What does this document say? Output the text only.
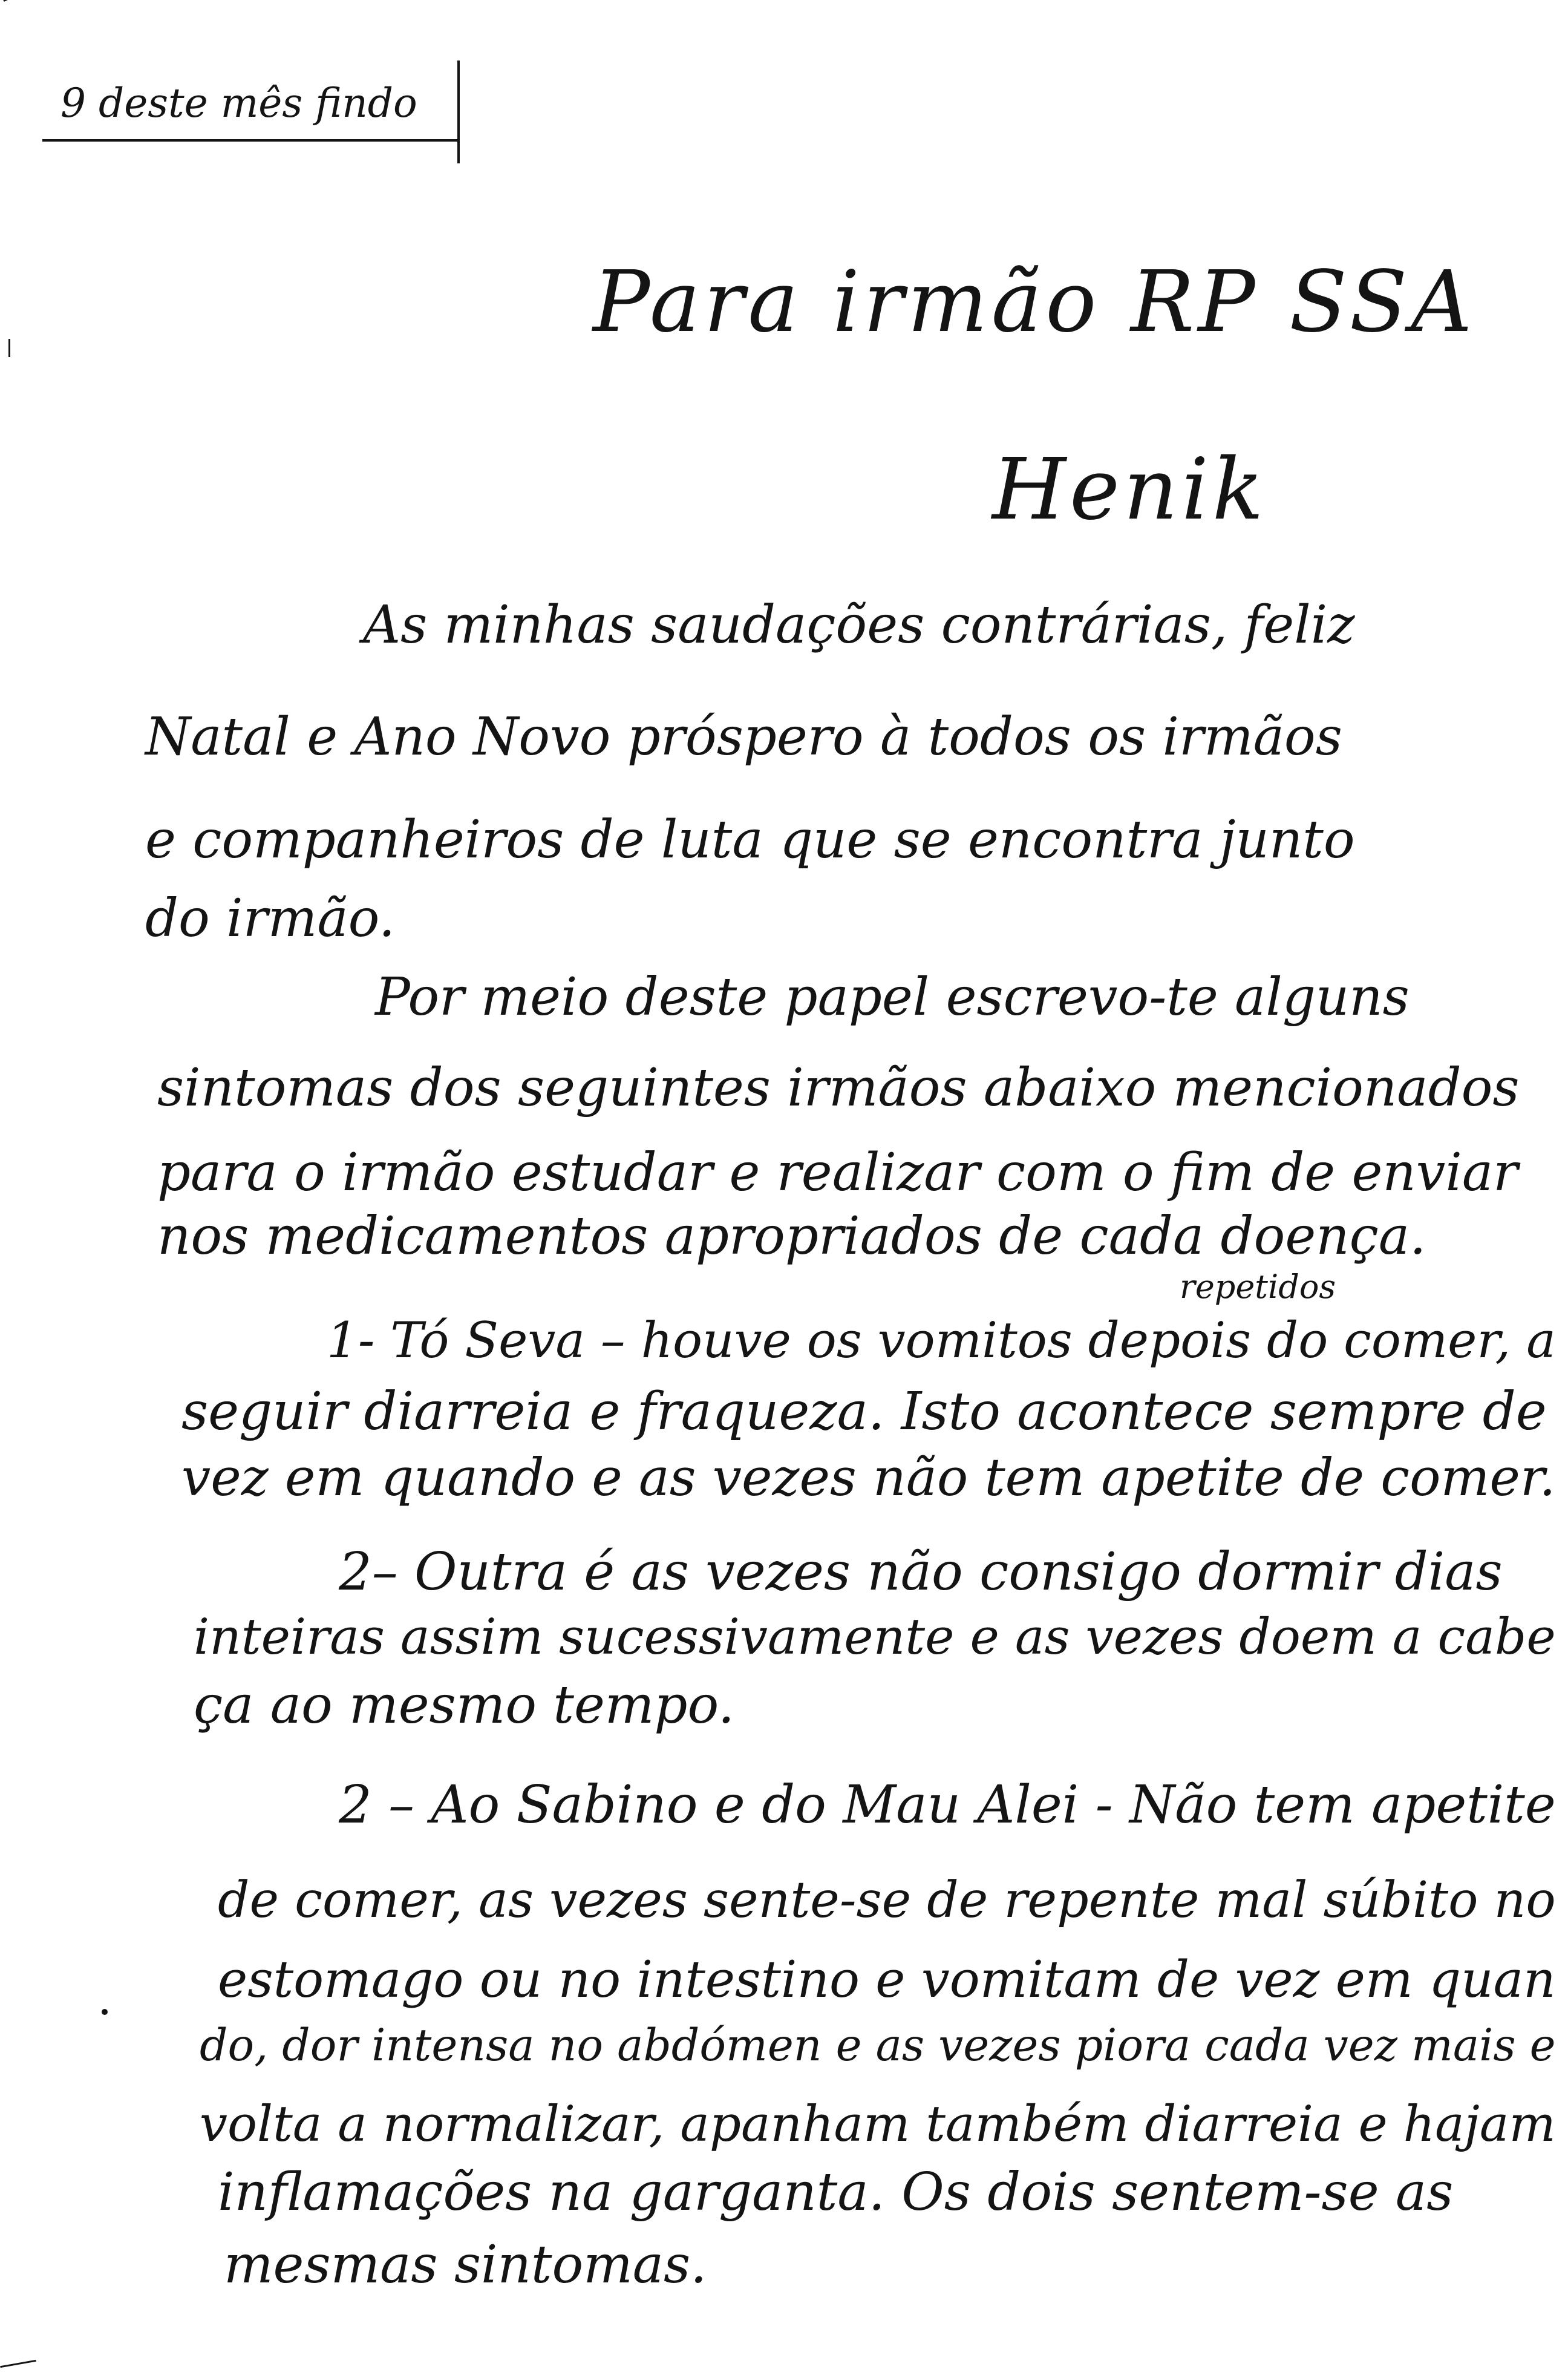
9 deste mês findo
Para irmão RP SSA
Henik
As minhas saudações contrárias, feliz
Natal e Ano Novo próspero à todos os irmãos
e companheiros de luta que se encontra junto
do irmão.
Por meio deste papel escrevo-te alguns
sintomas dos seguintes irmãos abaixo mencionados
para o irmão estudar e realizar com o fim de enviar
nos medicamentos apropriados de cada doença.
repetidos
1- Tó Seva – houve os vomitos depois do comer, a
seguir diarreia e fraqueza. Isto acontece sempre de
vez em quando e as vezes não tem apetite de comer.
2– Outra é as vezes não consigo dormir dias
inteiras assim sucessivamente e as vezes doem a cabe
ça ao mesmo tempo.
2 – Ao Sabino e do Mau Alei - Não tem apetite
de comer, as vezes sente-se de repente mal súbito no
estomago ou no intestino e vomitam de vez em quan
do, dor intensa no abdómen e as vezes piora cada vez mais e
volta a normalizar, apanham também diarreia e hajam
inflamações na garganta. Os dois sentem-se as
mesmas sintomas.
